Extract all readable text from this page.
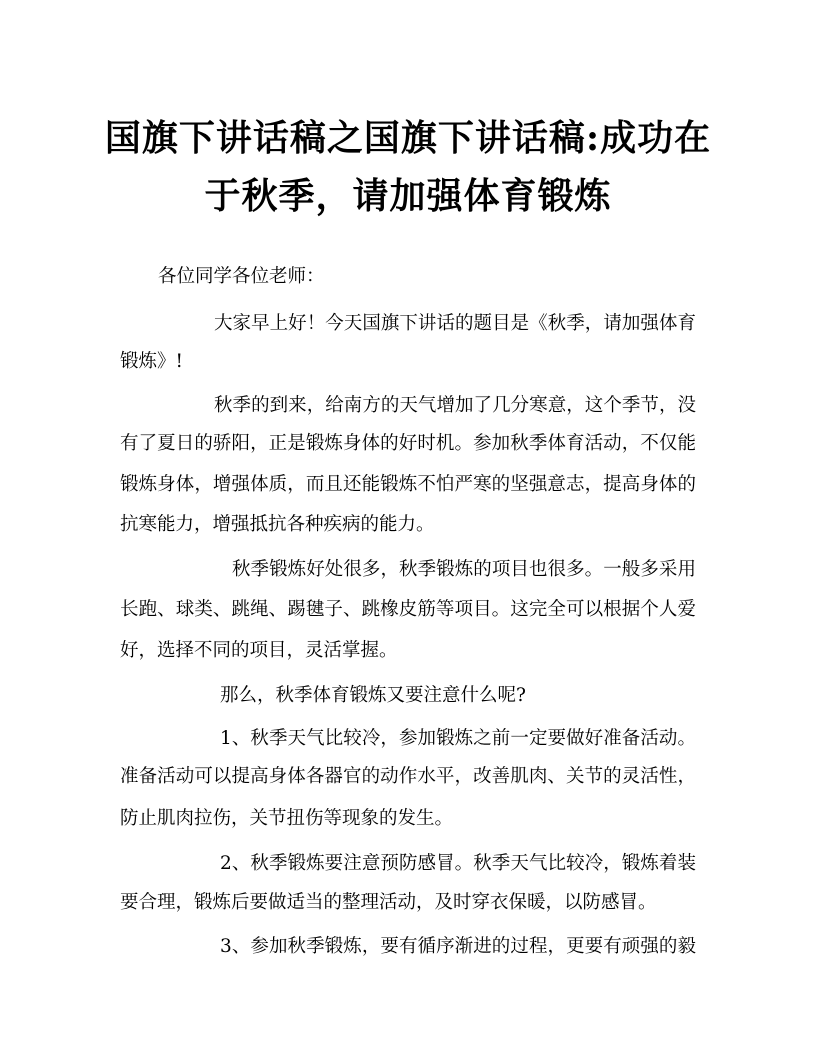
国旗下讲话稿之国旗下讲话稿:成功在
于秋季，请加强体育锻炼
各位同学各位老师：
大家早上好！今天国旗下讲话的题目是《秋季，请加强体育
锻炼》!
秋季的到来，给南方的天气增加了几分寒意，这个季节，没
有了夏日的骄阳，正是锻炼身体的好时机。参加秋季体育活动，不仅能
锻炼身体，增强体质，而且还能锻炼不怕严寒的坚强意志，提高身体的
抗寒能力，增强抵抗各种疾病的能力。
秋季锻炼好处很多，秋季锻炼的项目也很多。一般多采用
长跑、球类、跳绳、踢毽子、跳橡皮筋等项目。这完全可以根据个人爱
好，选择不同的项目，灵活掌握。
那么，秋季体育锻炼又要注意什么呢?
1、秋季天气比较冷，参加锻炼之前一定要做好准备活动。
准备活动可以提高身体各器官的动作水平，改善肌肉、关节的灵活性，
防止肌肉拉伤，关节扭伤等现象的发生。
2、秋季锻炼要注意预防感冒。秋季天气比较冷，锻炼着装
要合理，锻炼后要做适当的整理活动，及时穿衣保暖，以防感冒。
3、参加秋季锻炼，要有循序渐进的过程，更要有顽强的毅
